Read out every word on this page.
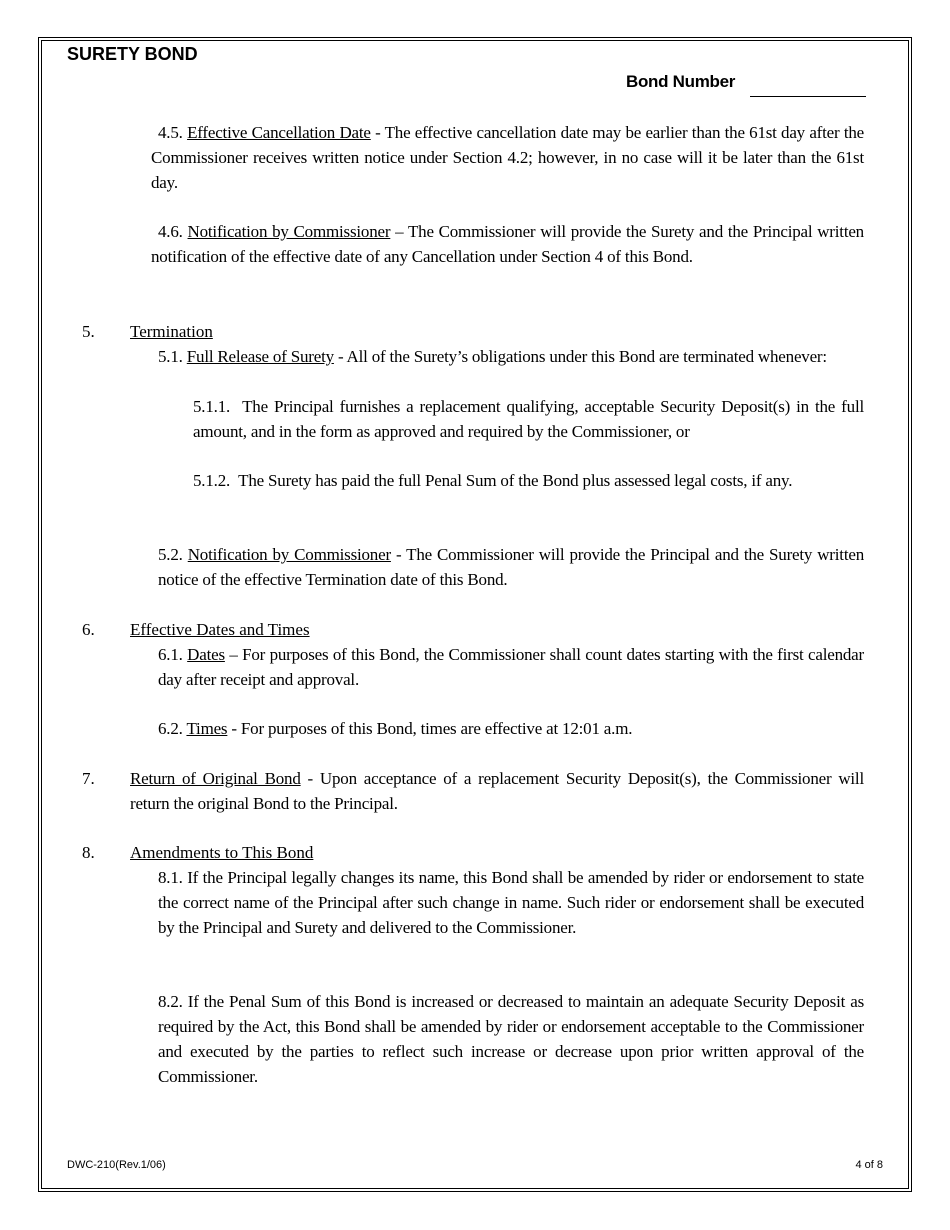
SURETY BOND
Bond Number

4.5. Effective Cancellation Date - The effective cancellation date may be earlier than the 61st day after the Commissioner receives written notice under Section 4.2; however, in no case will it be later than the 61st day.

4.6. Notification by Commissioner – The Commissioner will provide the Surety and the Principal written notification of the effective date of any Cancellation under Section 4 of this Bond.

5. Termination

5.1. Full Release of Surety - All of the Surety’s obligations under this Bond are terminated whenever:

5.1.1.  The Principal furnishes a replacement qualifying, acceptable Security Deposit(s) in the full amount, and in the form as approved and required by the Commissioner, or

5.1.2.  The Surety has paid the full Penal Sum of the Bond plus assessed legal costs, if any.

5.2. Notification by Commissioner - The Commissioner will provide the Principal and the Surety written notice of the effective Termination date of this Bond.

6. Effective Dates and Times

6.1. Dates – For purposes of this Bond, the Commissioner shall count dates starting with the first calendar day after receipt and approval.

6.2. Times - For purposes of this Bond, times are effective at 12:01 a.m.

7. Return of Original Bond - Upon acceptance of a replacement Security Deposit(s), the Commissioner will return the original Bond to the Principal.

8. Amendments to This Bond

8.1. If the Principal legally changes its name, this Bond shall be amended by rider or endorsement to state the correct name of the Principal after such change in name. Such rider or endorsement shall be executed by the Principal and Surety and delivered to the Commissioner.

8.2. If the Penal Sum of this Bond is increased or decreased to maintain an adequate Security Deposit as required by the Act, this Bond shall be amended by rider or endorsement acceptable to the Commissioner and executed by the parties to reflect such increase or decrease upon prior written approval of the Commissioner.

DWC-210(Rev.1/06)	4 of 8
